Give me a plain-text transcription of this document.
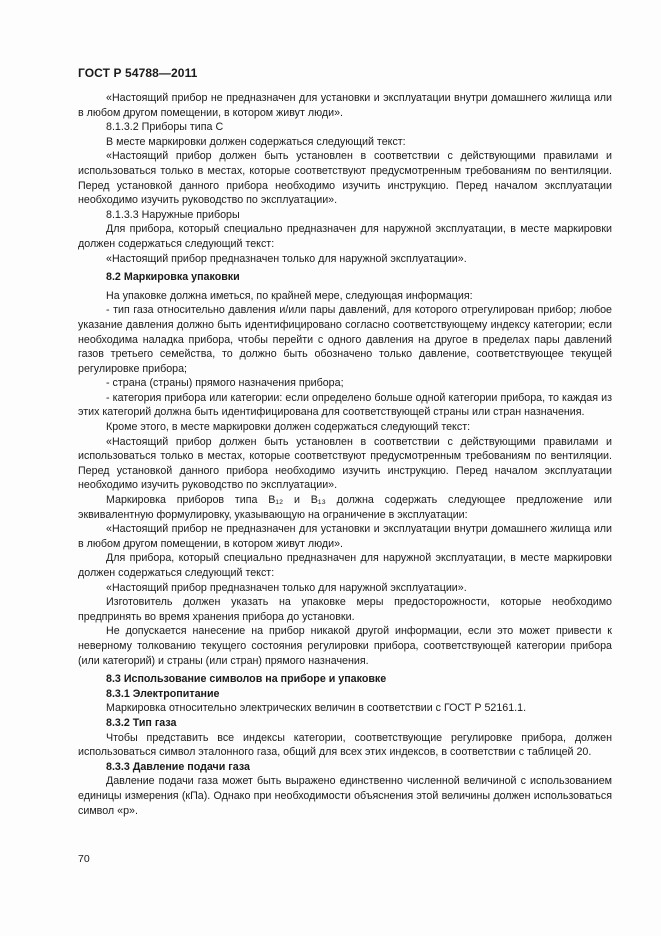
ГОСТ Р 54788—2011

«Настоящий прибор не предназначен для установки и эксплуатации внутри домашнего жилища или в любом другом помещении, в котором живут люди».

8.1.3.2 Приборы типа C

В месте маркировки должен содержаться следующий текст:

«Настоящий прибор должен быть установлен в соответствии с действующими правилами и использоваться только в местах, которые соответствуют предусмотренным требованиям по вентиляции. Перед установкой данного прибора необходимо изучить инструкцию. Перед началом эксплуатации необходимо изучить руководство по эксплуатации».

8.1.3.3 Наружные приборы

Для прибора, который специально предназначен для наружной эксплуатации, в месте маркировки должен содержаться следующий текст:

«Настоящий прибор предназначен только для наружной эксплуатации».

8.2 Маркировка упаковки

На упаковке должна иметься, по крайней мере, следующая информация:

- тип газа относительно давления и/или пары давлений, для которого отрегулирован прибор; любое указание давления должно быть идентифицировано согласно соответствующему индексу категории; если необходима наладка прибора, чтобы перейти с одного давления на другое в пределах пары давлений газов третьего семейства, то должно быть обозначено только давление, соответствующее текущей регулировке прибора;

- страна (страны) прямого назначения прибора;

- категория прибора или категории: если определено больше одной категории прибора, то каждая из этих категорий должна быть идентифицирована для соответствующей страны или стран назначения.

Кроме этого, в месте маркировки должен содержаться следующий текст:

«Настоящий прибор должен быть установлен в соответствии с действующими правилами и использоваться только в местах, которые соответствуют предусмотренным требованиям по вентиляции. Перед установкой данного прибора необходимо изучить инструкцию. Перед началом эксплуатации необходимо изучить руководство по эксплуатации».

Маркировка приборов типа B₁₂ и B₁₃ должна содержать следующее предложение или эквивалентную формулировку, указывающую на ограничение в эксплуатации:

«Настоящий прибор не предназначен для установки и эксплуатации внутри домашнего жилища или в любом другом помещении, в котором живут люди».

Для прибора, который специально предназначен для наружной эксплуатации, в месте маркировки должен содержаться следующий текст:

«Настоящий прибор предназначен только для наружной эксплуатации».

Изготовитель должен указать на упаковке меры предосторожности, которые необходимо предпринять во время хранения прибора до установки.

Не допускается нанесение на прибор никакой другой информации, если это может привести к неверному толкованию текущего состояния регулировки прибора, соответствующей категории прибора (или категорий) и страны (или стран) прямого назначения.

8.3 Использование символов на приборе и упаковке

8.3.1 Электропитание

Маркировка относительно электрических величин в соответствии с ГОСТ Р 52161.1.

8.3.2 Тип газа

Чтобы представить все индексы категории, соответствующие регулировке прибора, должен использоваться символ эталонного газа, общий для всех этих индексов, в соответствии с таблицей 20.

8.3.3 Давление подачи газа

Давление подачи газа может быть выражено единственно численной величиной с использованием единицы измерения (кПа). Однако при необходимости объяснения этой величины должен использоваться символ «p».

70
